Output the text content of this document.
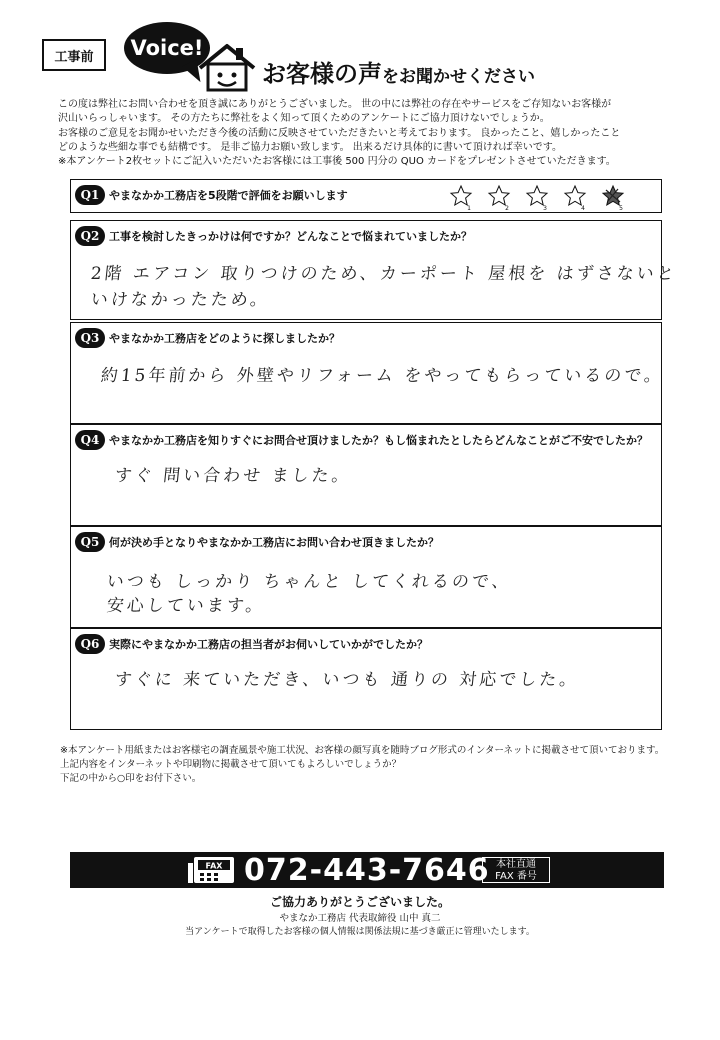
工事前	Voice!
お客様の声をお聞かせください

この度は弊社にお問い合わせを頂き誠にありがとうございました。 世の中には弊社の存在やサービスをご存知ないお客様が

沢山いらっしゃいます。 その方たちに弊社をよく知って頂くためのアンケートにご協力頂けないでしょうか。

お客様のご意見をお聞かせいただき今後の活動に反映させていただきたいと考えております。 良かったこと、嬉しかったこと

どのような些細な事でも結構です。 是非ご協力お願い致します。 出来るだけ具体的に書いて頂ければ幸いです。

※本アンケート2枚セットにご記入いただいたお客様には工事後 500 円分の QUO カードをプレゼントさせていただきます。

Q1 やまなかか工務店を5段階で評価をお願いします
1	2	3	4	5
Q2 工事を検討したきっかけは何ですか？どんなことで悩まれていましたか？
2階 エアコン 取りつけのため、カーポート 屋根を はずさないと
いけなかったため。
Q3 やまなかか工務店をどのように探しましたか？
約15年前から 外壁やリフォーム をやってもらっているので。
Q4 やまなかか工務店を知りすぐにお問合せ頂けましたか？もし悩まれたとしたらどんなことがご不安でしたか？
すぐ 問い合わせ ました。
Q5 何が決め手となりやまなかか工務店にお問い合わせ頂きましたか？
いつも しっかり ちゃんと してくれるので、
安心しています。
Q6 実際にやまなかか工務店の担当者がお伺いしていかがでしたか？
すぐに 来ていただき、いつも 通りの 対応でした。

※本アンケート用紙またはお客様宅の調査風景や施工状況、お客様の顔写真を随時ブログ形式のインターネットに掲載させて頂いております。

上記内容をインターネットや印刷物に掲載させて頂いてもよろしいでしょうか？

下記の中から○印をお付下さい。

FAX 072-443-7646 本社直通
FAX 番号
ご協力ありがとうございました。
やまなか工務店 代表取締役 山中 真二
当アンケートで取得したお客様の個人情報は関係法規に基づき厳正に管理いたします。
